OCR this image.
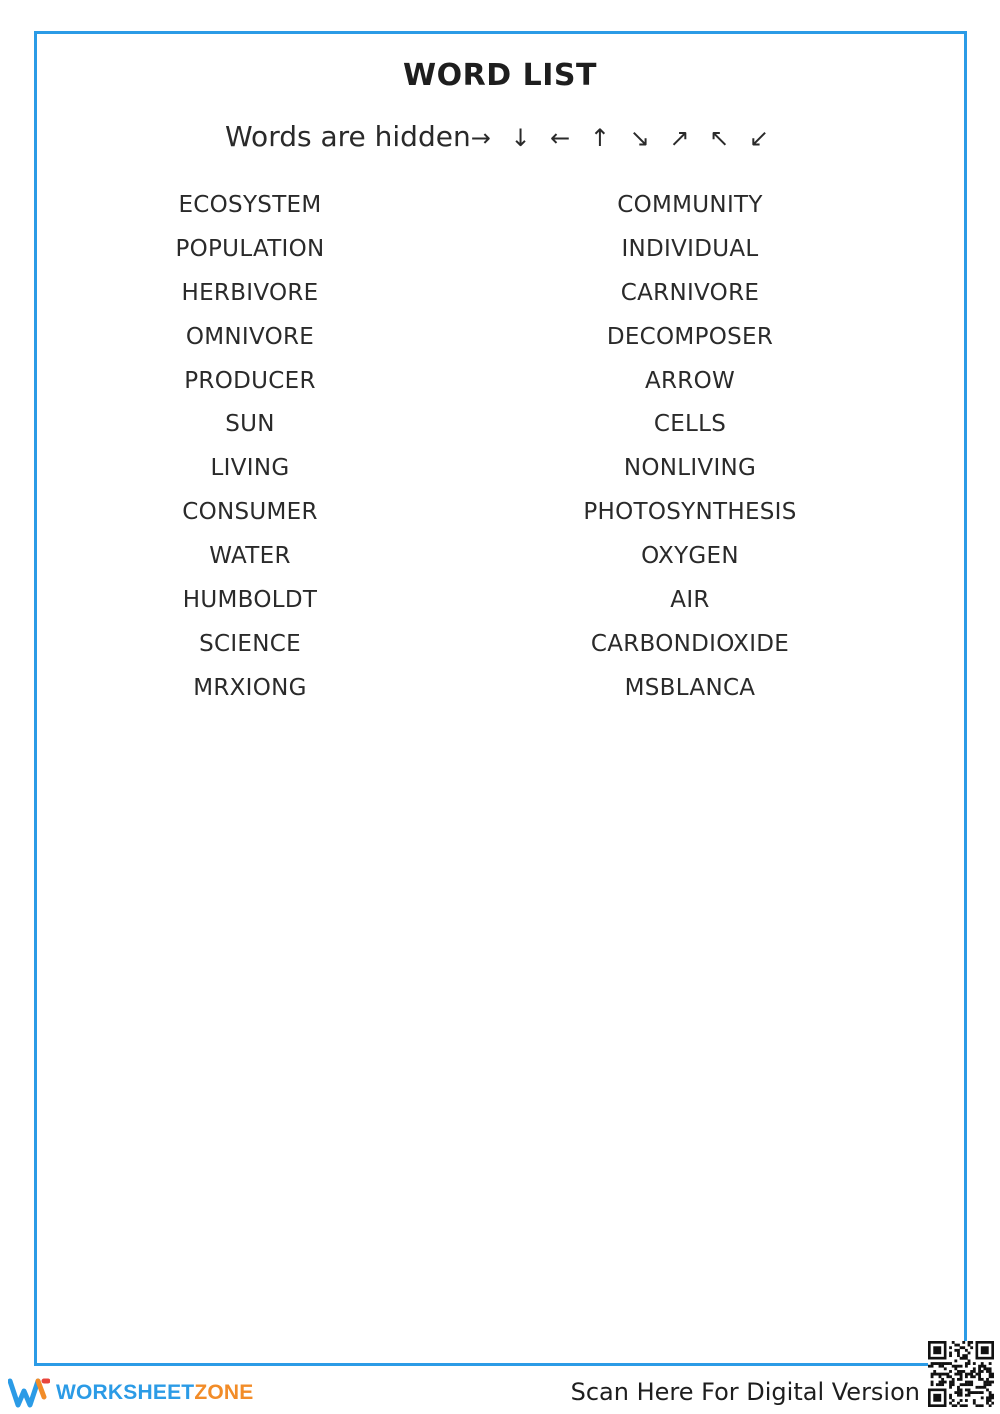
WORD LIST
Words are hidden→ ↓ ← ↑ ↘ ↗ ↖ ↙
ECOSYSTEM
POPULATION
HERBIVORE
OMNIVORE
PRODUCER
SUN
LIVING
CONSUMER
WATER
HUMBOLDT
SCIENCE
MRXIONG
COMMUNITY
INDIVIDUAL
CARNIVORE
DECOMPOSER
ARROW
CELLS
NONLIVING
PHOTOSYNTHESIS
OXYGEN
AIR
CARBONDIOXIDE
MSBLANCA
WORKSHEETZONE	Scan Here For Digital Version
